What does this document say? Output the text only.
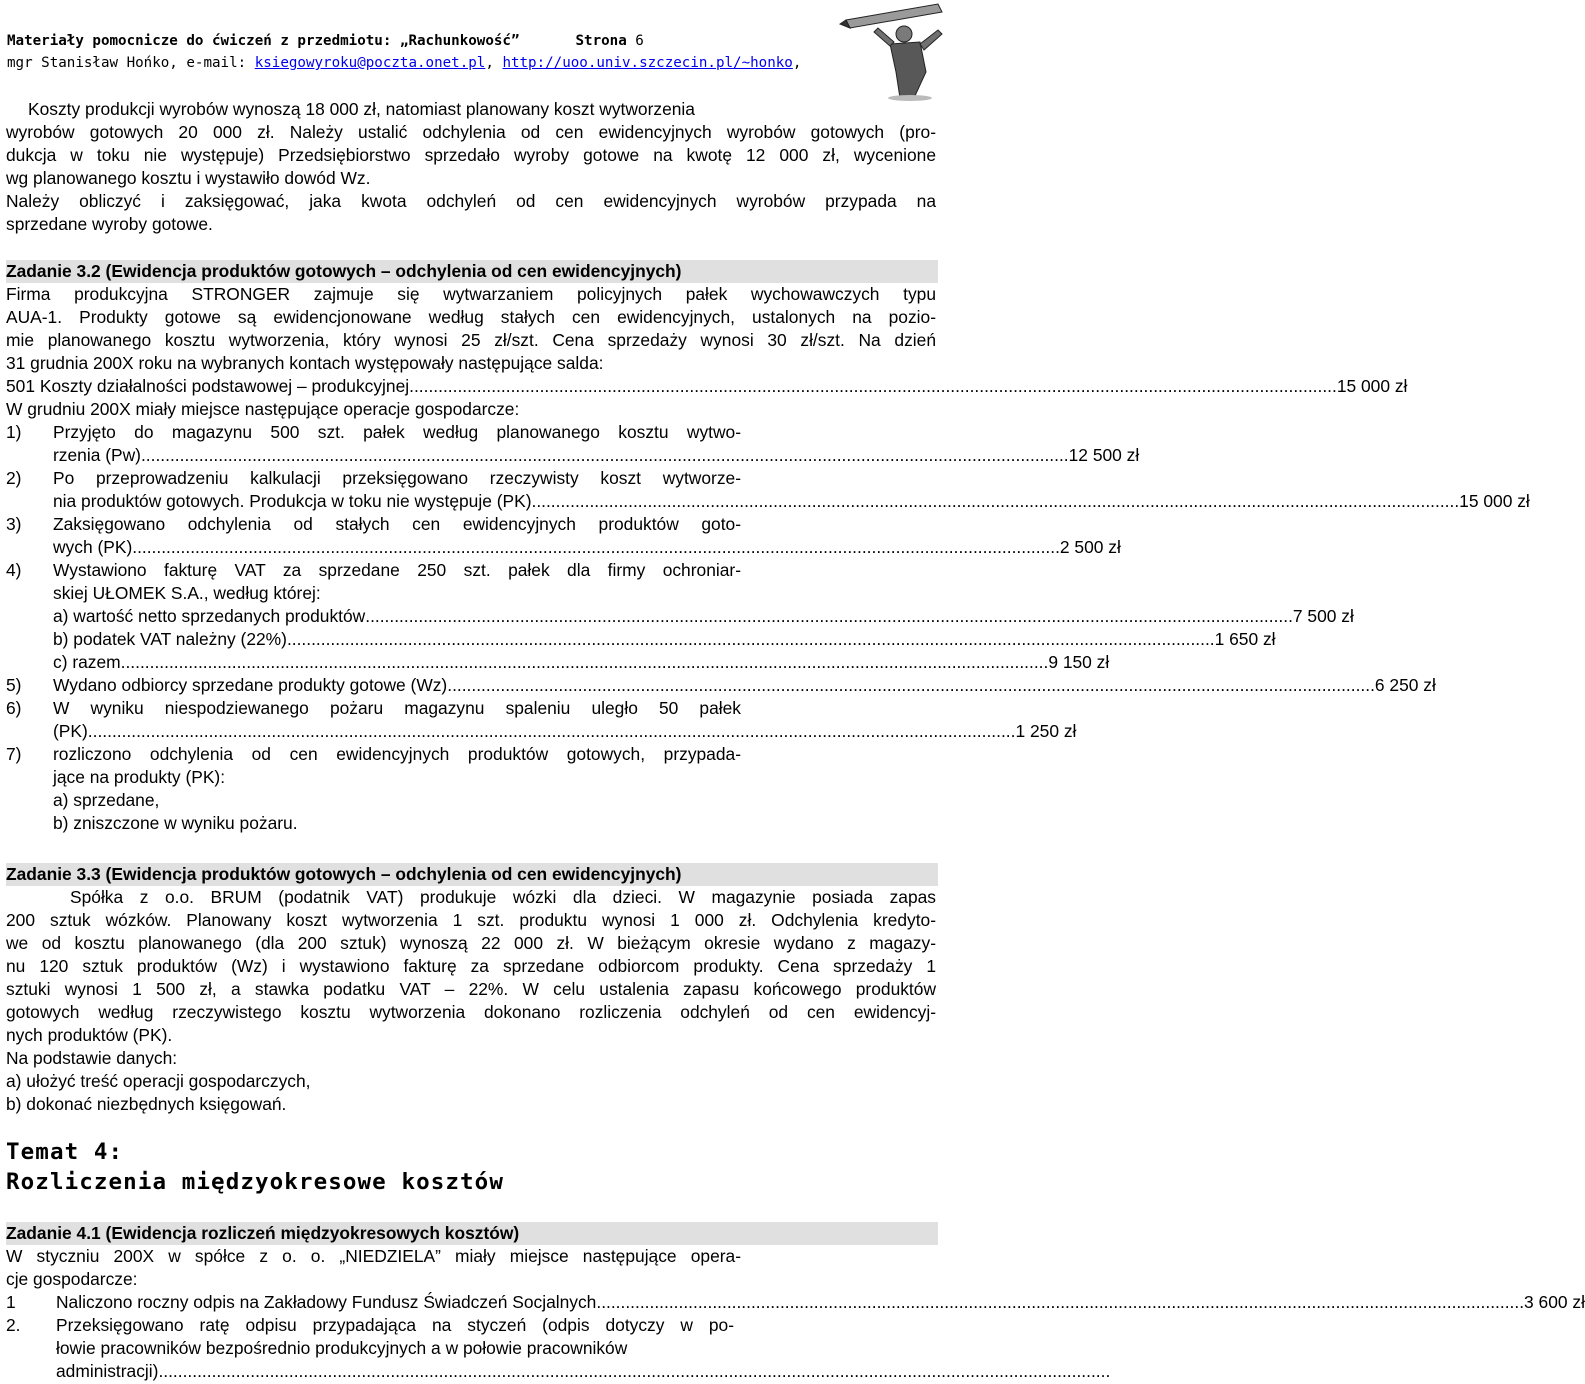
Materiały pomocnicze do ćwiczeń z przedmiotu: „Rachunkowość”	Strona 6
mgr Stanisław Hońko, e-mail: ksiegowyroku@poczta.onet.pl, http://uoo.univ.szczecin.pl/~honko,

Koszty produkcji wyrobów wynoszą 18 000 zł, natomiast planowany koszt wytworzenia

wyrobów gotowych 20 000 zł. Należy ustalić odchylenia od cen ewidencyjnych wyrobów gotowych (pro-

dukcja w toku nie występuje) Przedsiębiorstwo sprzedało wyroby gotowe na kwotę 12 000 zł, wycenione

wg planowanego kosztu i wystawiło dowód Wz.

Należy obliczyć i zaksięgować, jaka kwota odchyleń od cen ewidencyjnych wyrobów przypada na

sprzedane wyroby gotowe.

Zadanie 3.2 (Ewidencja produktów gotowych – odchylenia od cen ewidencyjnych)

Firma produkcyjna STRONGER zajmuje się wytwarzaniem policyjnych pałek wychowawczych typu

AUA-1. Produkty gotowe są ewidencjonowane według stałych cen ewidencyjnych, ustalonych na pozio-

mie planowanego kosztu wytworzenia, który wynosi 25 zł/szt. Cena sprzedaży wynosi 30 zł/szt. Na dzień

31 grudnia 200X roku na wybranych kontach występowały następujące salda:

501 Koszty działalności podstawowej – produkcyjnej ................................................................................................................................................................................................ 15 000 zł

W grudniu 200X miały miejsce następujące operacje gospodarcze:

1) Przyjęto do magazynu 500 szt. pałek według planowanego kosztu wytwo-
rzenia (Pw) ................................................................................................................................................................................................ 12 500 zł
2) Po przeprowadzeniu kalkulacji przeksięgowano rzeczywisty koszt wytworze-
nia produktów gotowych. Produkcja w toku nie występuje (PK) ................................................................................................................................................................................................ 15 000 zł
3) Zaksięgowano odchylenia od stałych cen ewidencyjnych produktów goto-
wych (PK) ................................................................................................................................................................................................ 2 500 zł
4) Wystawiono fakturę VAT za sprzedane 250 szt. pałek dla firmy ochroniar-
skiej UŁOMEK S.A., według której:
a) wartość netto sprzedanych produktów ................................................................................................................................................................................................ 7 500 zł
b) podatek VAT należny (22%) ................................................................................................................................................................................................ 1 650 zł
c) razem ................................................................................................................................................................................................ 9 150 zł
5) Wydano odbiorcy sprzedane produkty gotowe (Wz) ................................................................................................................................................................................................ 6 250 zł
6) W wyniku niespodziewanego pożaru magazynu spaleniu uległo 50 pałek
(PK) ................................................................................................................................................................................................ 1 250 zł
7) rozliczono odchylenia od cen ewidencyjnych produktów gotowych, przypada-
jące na produkty (PK):
a) sprzedane,
b) zniszczone w wyniku pożaru.

Zadanie 3.3 (Ewidencja produktów gotowych – odchylenia od cen ewidencyjnych)

Spółka z o.o. BRUM (podatnik VAT) produkuje wózki dla dzieci. W magazynie posiada zapas

200 sztuk wózków. Planowany koszt wytworzenia 1 szt. produktu wynosi 1 000 zł. Odchylenia kredyto-

we od kosztu planowanego (dla 200 sztuk) wynoszą 22 000 zł. W bieżącym okresie wydano z magazy-

nu 120 sztuk produktów (Wz) i wystawiono fakturę za sprzedane odbiorcom produkty. Cena sprzedaży 1

sztuki wynosi 1 500 zł, a stawka podatku VAT – 22%. W celu ustalenia zapasu końcowego produktów

gotowych według rzeczywistego kosztu wytworzenia dokonano rozliczenia odchyleń od cen ewidencyj-

nych produktów (PK).

Na podstawie danych:

a) ułożyć treść operacji gospodarczych,

b) dokonać niezbędnych księgowań.

Temat 4:

Rozliczenia międzyokresowe kosztów

Zadanie 4.1 (Ewidencja rozliczeń międzyokresowych kosztów)

W styczniu 200X w spółce z o. o. „NIEDZIELA” miały miejsce następujące opera-

cje gospodarcze:

1 Naliczono roczny odpis na Zakładowy Fundusz Świadczeń Socjalnych ................................................................................................................................................................................................ 3 600 zł
2. Przeksięgowano ratę odpisu przypadająca na styczeń (odpis dotyczy w po-
łowie pracowników bezpośrednio produkcyjnych a w połowie pracowników
administracji) ................................................................................................................................................................................................ .....
